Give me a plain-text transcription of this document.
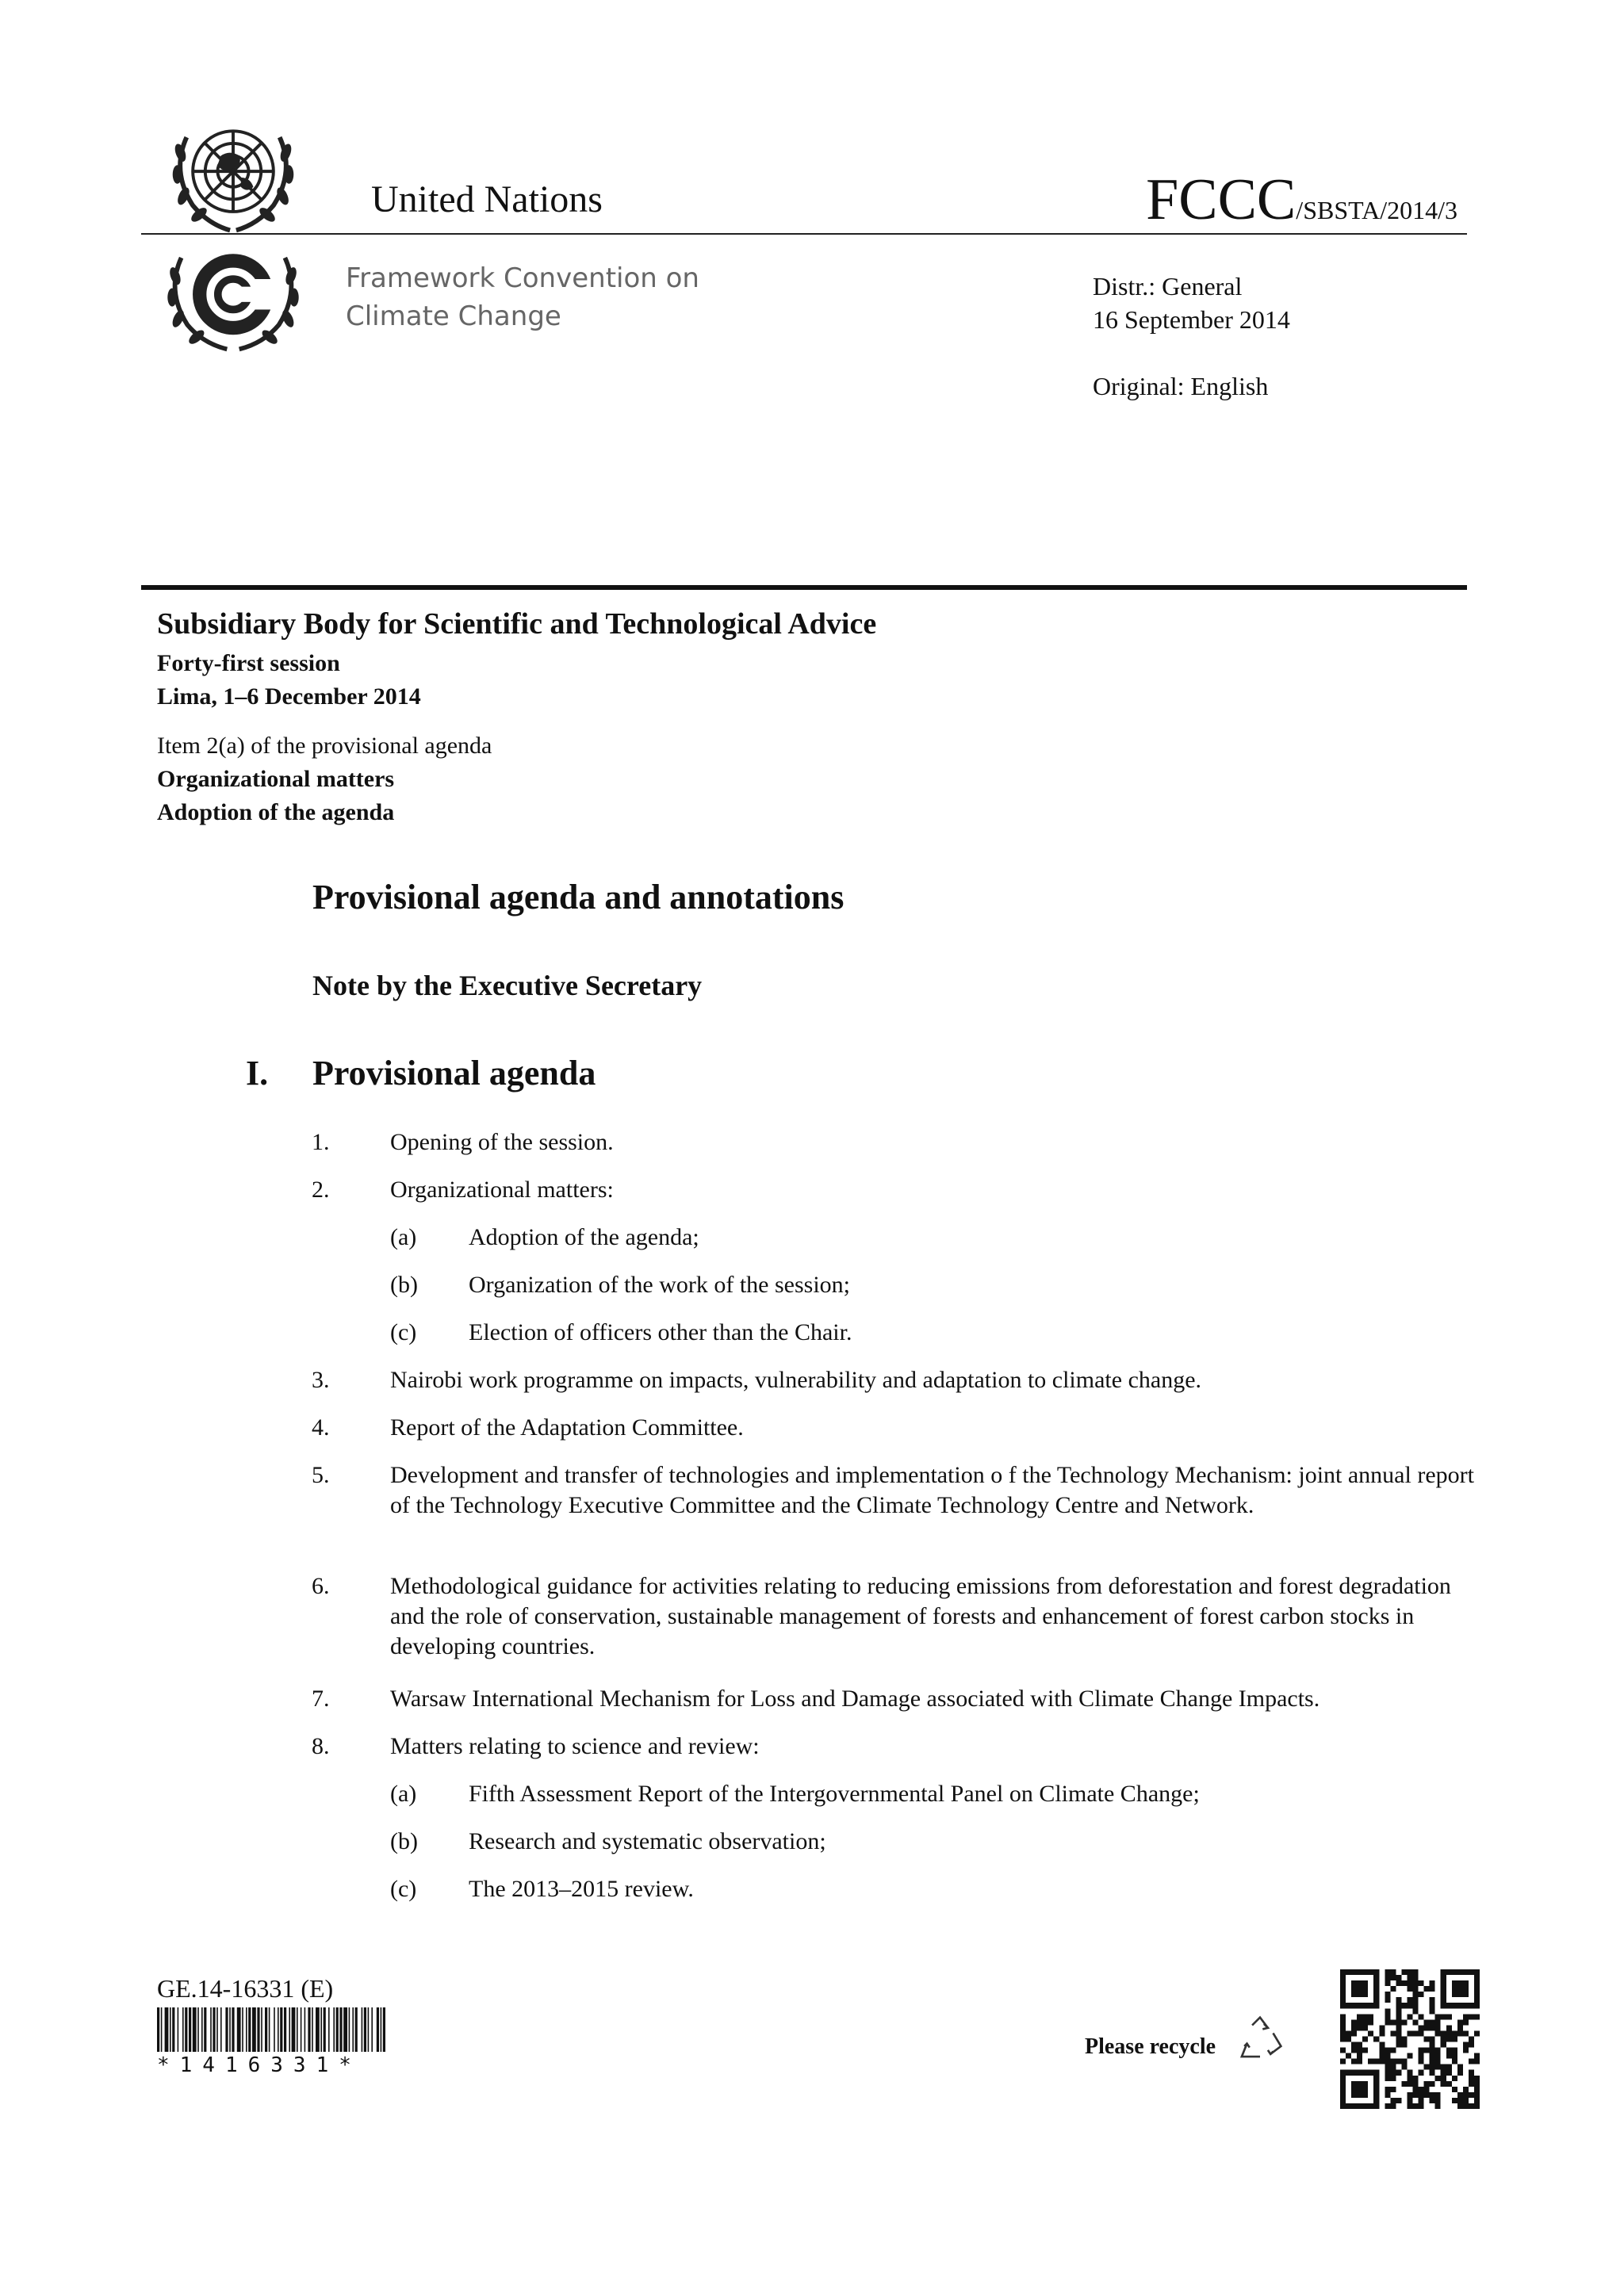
United Nations	FCCC/SBSTA/2014/3
Framework Convention on
Climate Change
Distr.: General
16 September 2014
Original: English
Subsidiary Body for Scientific and Technological Advice
Forty-first session
Lima, 1–6 December 2014
Item 2(a) of the provisional agenda
Organizational matters
Adoption of the agenda
Provisional agenda and annotations
Note by the Executive Secretary
I. Provisional agenda
1.	Opening of the session.
2.	Organizational matters:
(a) Adoption of the agenda;
(b) Organization of the work of the session;
(c) Election of officers other than the Chair.
3.	Nairobi work programme on impacts, vulnerability and adaptation to climate change.
4.	Report of the Adaptation Committee.
5.	Development and transfer of technologies and implementation o f the Technology Mechanism: joint annual report of the Technology Executive Committee and the Climate Technology Centre and Network.
6.	Methodological guidance for activities relating to reducing emissions from deforestation and forest degradation and the role of conservation, sustainable management of forests and enhancement of forest carbon stocks in developing countries.
7.	Warsaw International Mechanism for Loss and Damage associated with Climate Change Impacts.
8.	Matters relating to science and review:
(a) Fifth Assessment Report of the Intergovernmental Panel on Climate Change;
(b) Research and systematic observation;
(c) The 2013–2015 review.
GE.14-16331 (E)
*1416331*
Please recycle
